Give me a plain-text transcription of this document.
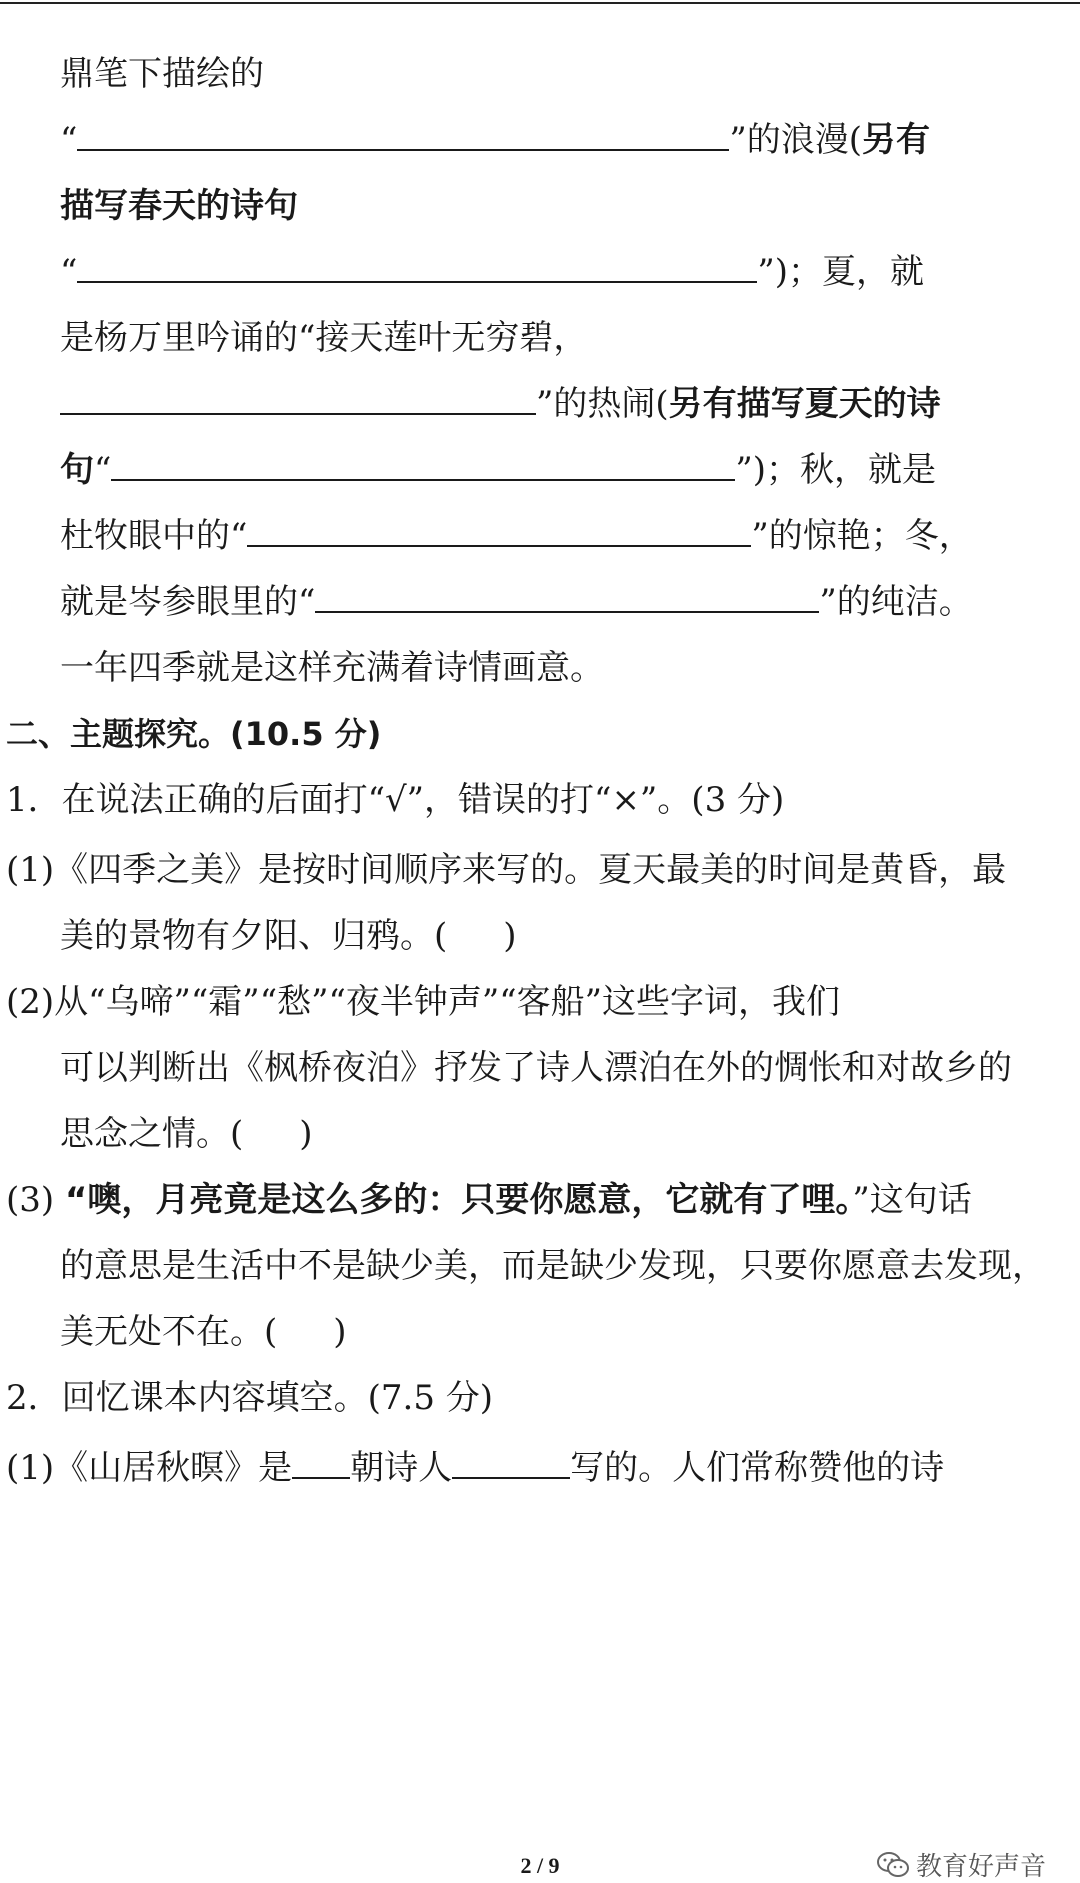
鼎笔下描绘的
“	”的浪漫(另有
描写春天的诗句
“	”)；夏，就
是杨万里吟诵的“接天莲叶无穷碧，
”的热闹(另有描写夏天的诗
句“	”)；秋，就是
杜牧眼中的“	”的惊艳；冬，
就是岑参眼里的“	”的纯洁。
一年四季就是这样充满着诗情画意。
二、主题探究。(10.5 分)
1．在说法正确的后面打“√”，错误的打“×”。(3 分)
(1)《四季之美》是按时间顺序来写的。夏天最美的时间是黄昏，最
美的景物有夕阳、归鸦。( )
(2)从“乌啼”“霜”“愁”“夜半钟声”“客船”这些字词，我们
可以判断出《枫桥夜泊》抒发了诗人漂泊在外的惆怅和对故乡的
思念之情。( )
(3) “噢，月亮竟是这么多的：只要你愿意，它就有了哩。”这句话
的意思是生活中不是缺少美，而是缺少发现，只要你愿意去发现，
美无处不在。( )
2．回忆课本内容填空。(7.5 分)
(1)《山居秋暝》是 朝诗人	写的。人们常称赞他的诗
教育好声音
2 / 9
